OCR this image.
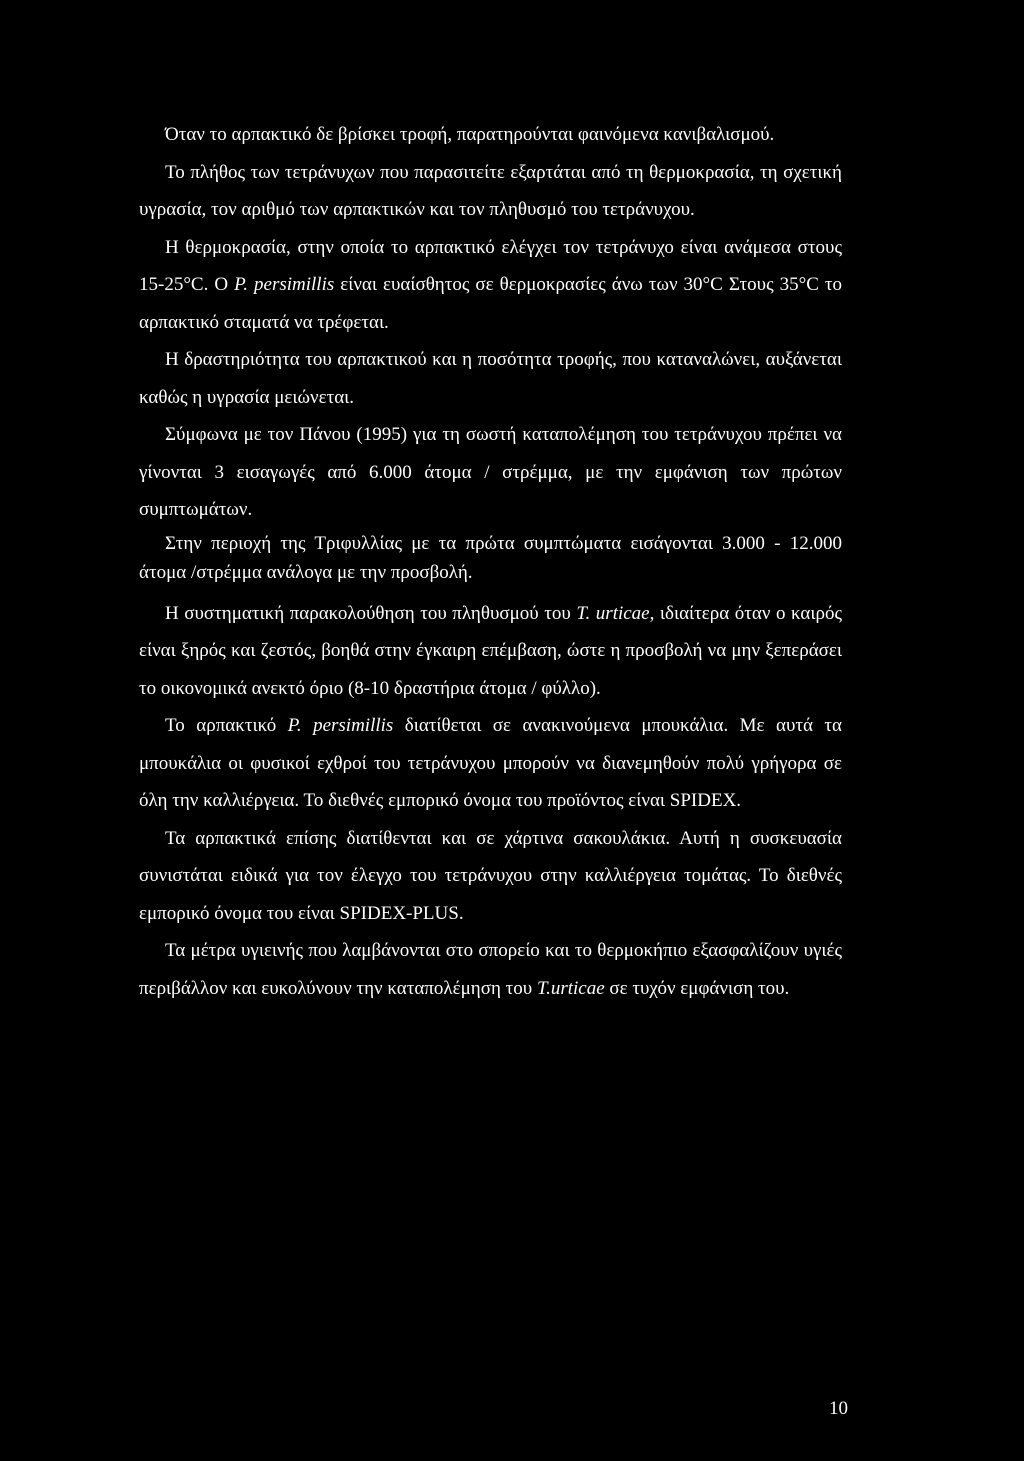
Όταν το αρπακτικό δε βρίσκει τροφή, παρατηρούνται φαινόμενα κανιβαλισμού.

Το πλήθος των τετράνυχων που παρασιτείτε εξαρτάται από τη θερμοκρασία, τη σχετική υγρασία, τον αριθμό των αρπακτικών και τον πληθυσμό του τετράνυχου.

Η θερμοκρασία, στην οποία το αρπακτικό ελέγχει τον τετράνυχο είναι ανάμεσα στους 15-25°C. Ο P. persimillis είναι ευαίσθητος σε θερμοκρασίες άνω των 30°C Στους 35°C το αρπακτικό σταματά να τρέφεται.

Η δραστηριότητα του αρπακτικού και η ποσότητα τροφής, που καταναλώνει, αυξάνεται καθώς η υγρασία μειώνεται.

Σύμφωνα με τον Πάνου (1995) για τη σωστή καταπολέμηση του τετράνυχου πρέπει να γίνονται 3 εισαγωγές από 6.000 άτομα / στρέμμα, με την εμφάνιση των πρώτων συμπτωμάτων.

Στην περιοχή της Τριφυλλίας με τα πρώτα συμπτώματα εισάγονται 3.000 - 12.000 άτομα /στρέμμα ανάλογα με την προσβολή.

Η συστηματική παρακολούθηση του πληθυσμού του T. urticae, ιδιαίτερα όταν ο καιρός είναι ξηρός και ζεστός, βοηθά στην έγκαιρη επέμβαση, ώστε η προσβολή να μην ξεπεράσει το οικονομικά ανεκτό όριο (8-10 δραστήρια άτομα / φύλλο).

Το αρπακτικό P. persimillis διατίθεται σε ανακινούμενα μπουκάλια. Με αυτά τα μπουκάλια οι φυσικοί εχθροί του τετράνυχου μπορούν να διανεμηθούν πολύ γρήγορα σε όλη την καλλιέργεια. Το διεθνές εμπορικό όνομα του προϊόντος είναι SPIDEX.

Τα αρπακτικά επίσης διατίθενται και σε χάρτινα σακουλάκια. Αυτή η συσκευασία συνιστάται ειδικά για τον έλεγχο του τετράνυχου στην καλλιέργεια τομάτας. Το διεθνές εμπορικό όνομα του είναι SPIDEX-PLUS.

Τα μέτρα υγιεινής που λαμβάνονται στο σπορείο και το θερμοκήπιο εξασφαλίζουν υγιές περιβάλλον και ευκολύνουν την καταπολέμηση του T.urticae σε τυχόν εμφάνιση του.

10
